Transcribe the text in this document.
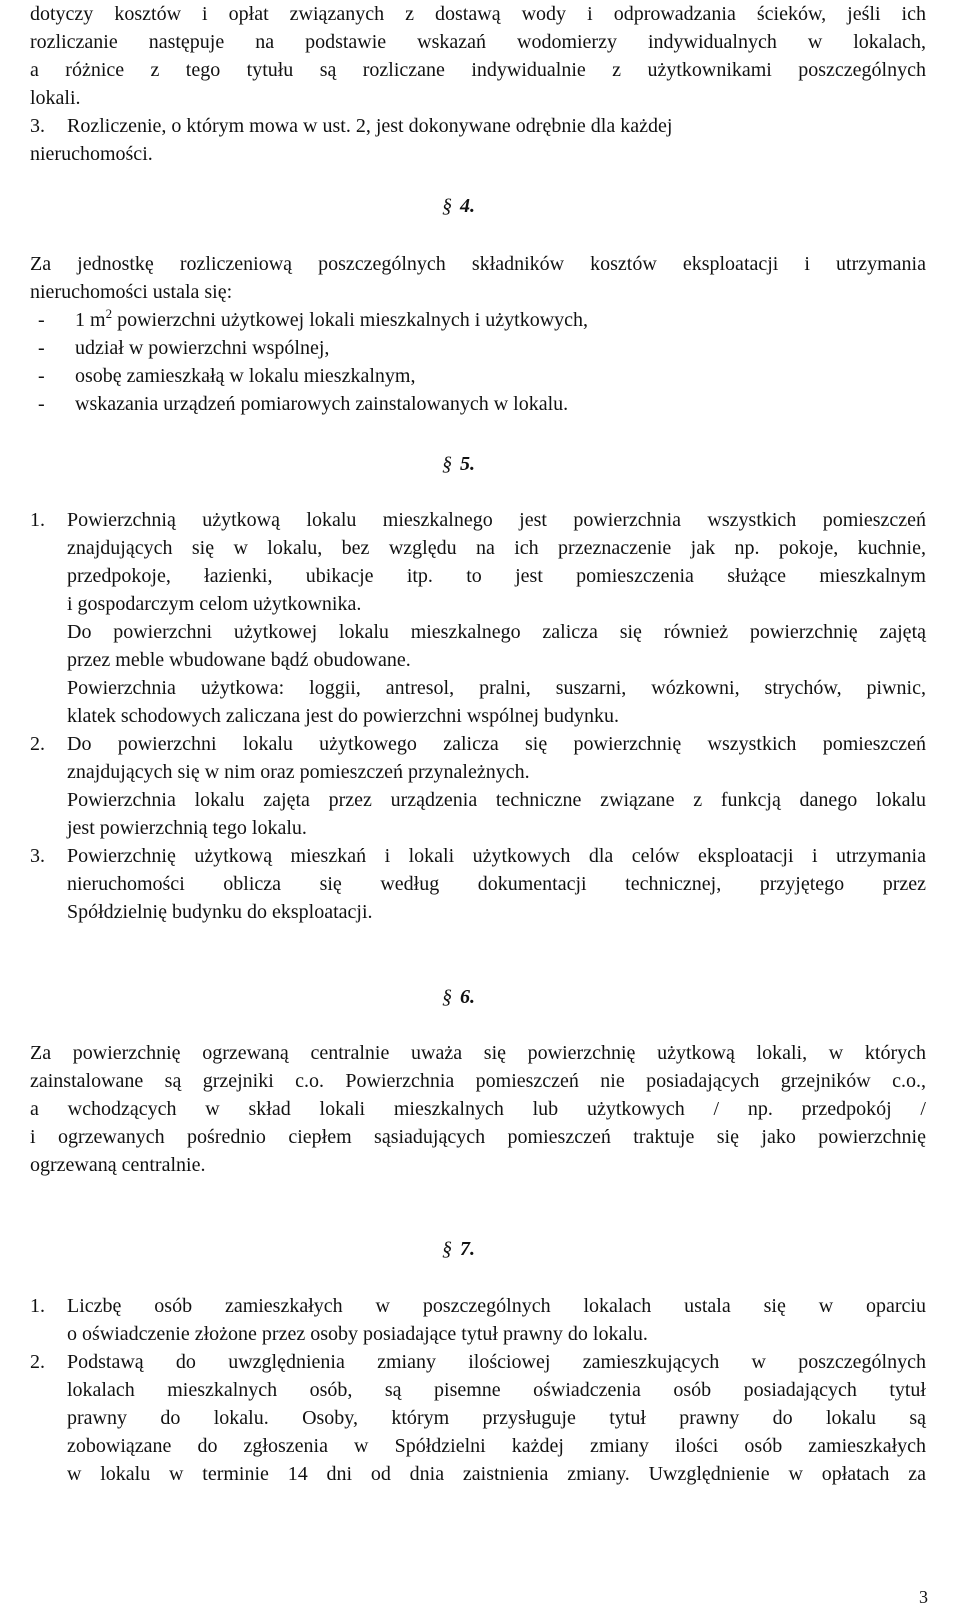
dotyczy kosztów i opłat związanych z dostawą wody i odprowadzania ścieków, jeśli ich
rozliczanie następuje na podstawie wskazań wodomierzy indywidualnych w lokalach,
a różnice z tego tytułu są rozliczane indywidualnie z użytkownikami poszczególnych
lokali.
3. Rozliczenie, o którym mowa w ust. 2, jest dokonywane odrębnie dla każdej
nieruchomości.
§ 4.
Za jednostkę rozliczeniową poszczególnych składników kosztów eksploatacji i utrzymania
nieruchomości ustala się:
- 1 $m^2$ powierzchni użytkowej lokali mieszkalnych i użytkowych,
- udział w powierzchni wspólnej,
- osobę zamieszkałą w lokalu mieszkalnym,
- wskazania urządzeń pomiarowych zainstalowanych w lokalu.
§ 5.
1. Powierzchnią użytkową lokalu mieszkalnego jest powierzchnia wszystkich pomieszczeń
znajdujących się w lokalu, bez względu na ich przeznaczenie jak np. pokoje, kuchnie,
przedpokoje, łazienki, ubikacje itp. to jest pomieszczenia służące mieszkalnym
i gospodarczym celom użytkownika.
Do powierzchni użytkowej lokalu mieszkalnego zalicza się również powierzchnię zajętą
przez meble wbudowane bądź obudowane.
Powierzchnia użytkowa: loggii, antresol, pralni, suszarni, wózkowni, strychów, piwnic,
klatek schodowych zaliczana jest do powierzchni wspólnej budynku.
2. Do powierzchni lokalu użytkowego zalicza się powierzchnię wszystkich pomieszczeń
znajdujących się w nim oraz pomieszczeń przynależnych.
Powierzchnia lokalu zajęta przez urządzenia techniczne związane z funkcją danego lokalu
jest powierzchnią tego lokalu.
3. Powierzchnię użytkową mieszkań i lokali użytkowych dla celów eksploatacji i utrzymania
nieruchomości oblicza się według dokumentacji technicznej, przyjętego przez
Spółdzielnię budynku do eksploatacji.
§ 6.
Za powierzchnię ogrzewaną centralnie uważa się powierzchnię użytkową lokali, w których
zainstalowane są grzejniki c.o. Powierzchnia pomieszczeń nie posiadających grzejników c.o.,
a wchodzących w skład lokali mieszkalnych lub użytkowych / np. przedpokój /
i ogrzewanych pośrednio ciepłem sąsiadujących pomieszczeń traktuje się jako powierzchnię
ogrzewaną centralnie.
§ 7.
1. Liczbę osób zamieszkałych w poszczególnych lokalach ustala się w oparciu
o oświadczenie złożone przez osoby posiadające tytuł prawny do lokalu.
2. Podstawą do uwzględnienia zmiany ilościowej zamieszkujących w poszczególnych
lokalach mieszkalnych osób, są pisemne oświadczenia osób posiadających tytuł
prawny do lokalu. Osoby, którym przysługuje tytuł prawny do lokalu są
zobowiązane do zgłoszenia w Spółdzielni każdej zmiany ilości osób zamieszkałych
w lokalu w terminie 14 dni od dnia zaistnienia zmiany. Uwzględnienie w opłatach za
3
